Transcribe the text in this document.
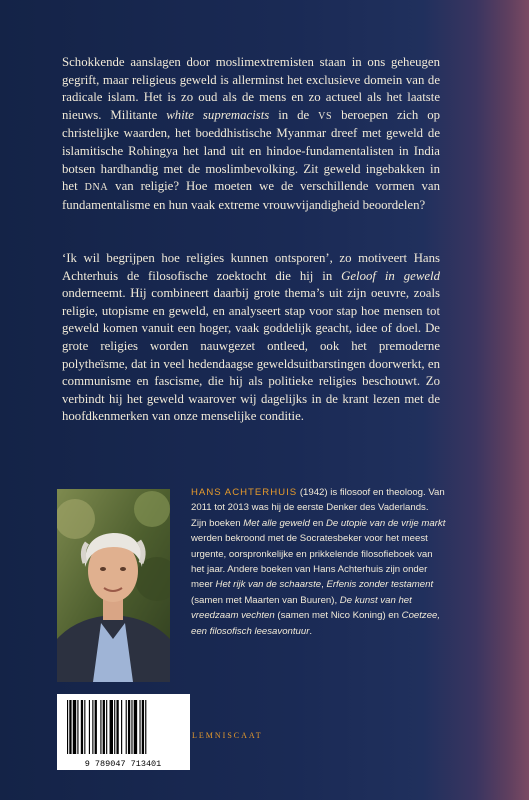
Schokkende aanslagen door moslimextremisten staan in ons geheugen gegrift, maar religieus geweld is allerminst het exclusieve domein van de radicale islam. Het is zo oud als de mens en zo actueel als het laatste nieuws. Militante white supremacists in de VS beroepen zich op christelijke waarden, het boeddhistische Myanmar dreef met geweld de islamitische Rohingya het land uit en hindoe-fundamentalisten in India botsen hardhandig met de moslimbevolking. Zit geweld ingebakken in het DNA van religie? Hoe moeten we de verschillende vormen van fundamentalisme en hun vaak extreme vrouwvijandigheid beoordelen?

‘Ik wil begrijpen hoe religies kunnen ontsporen’, zo motiveert Hans Achterhuis de filosofische zoektocht die hij in Geloof in geweld onderneemt. Hij combineert daarbij grote thema’s uit zijn oeuvre, zoals religie, utopisme en geweld, en analyseert stap voor stap hoe mensen tot geweld komen vanuit een hoger, vaak goddelijk geacht, idee of doel. De grote religies worden nauwgezet ontleed, ook het premoderne polytheïsme, dat in veel hedendaagse geweldsuitbarstingen doorwerkt, en communisme en fascisme, die hij als politieke religies beschouwt. Zo verbindt hij het geweld waarover wij dagelijks in de krant lezen met de hoofdkenmerken van onze menselijke conditie.

HANS ACHTERHUIS (1942) is filosoof en theoloog. Van 2011 tot 2013 was hij de eerste Denker des Vaderlands. Zijn boeken Met alle geweld en De utopie van de vrije markt werden bekroond met de Socratesbeker voor het meest urgente, oorspronkelijke en prikkelende filosofieboek van het jaar. Andere boeken van Hans Achterhuis zijn onder meer Het rijk van de schaarste, Erfenis zonder testament (samen met Maarten van Buuren), De kunst van het vreedzaam vechten (samen met Nico Koning) en Coetzee, een filosofisch leesavontuur.

9 789047 713401
LEMNISCAAT
